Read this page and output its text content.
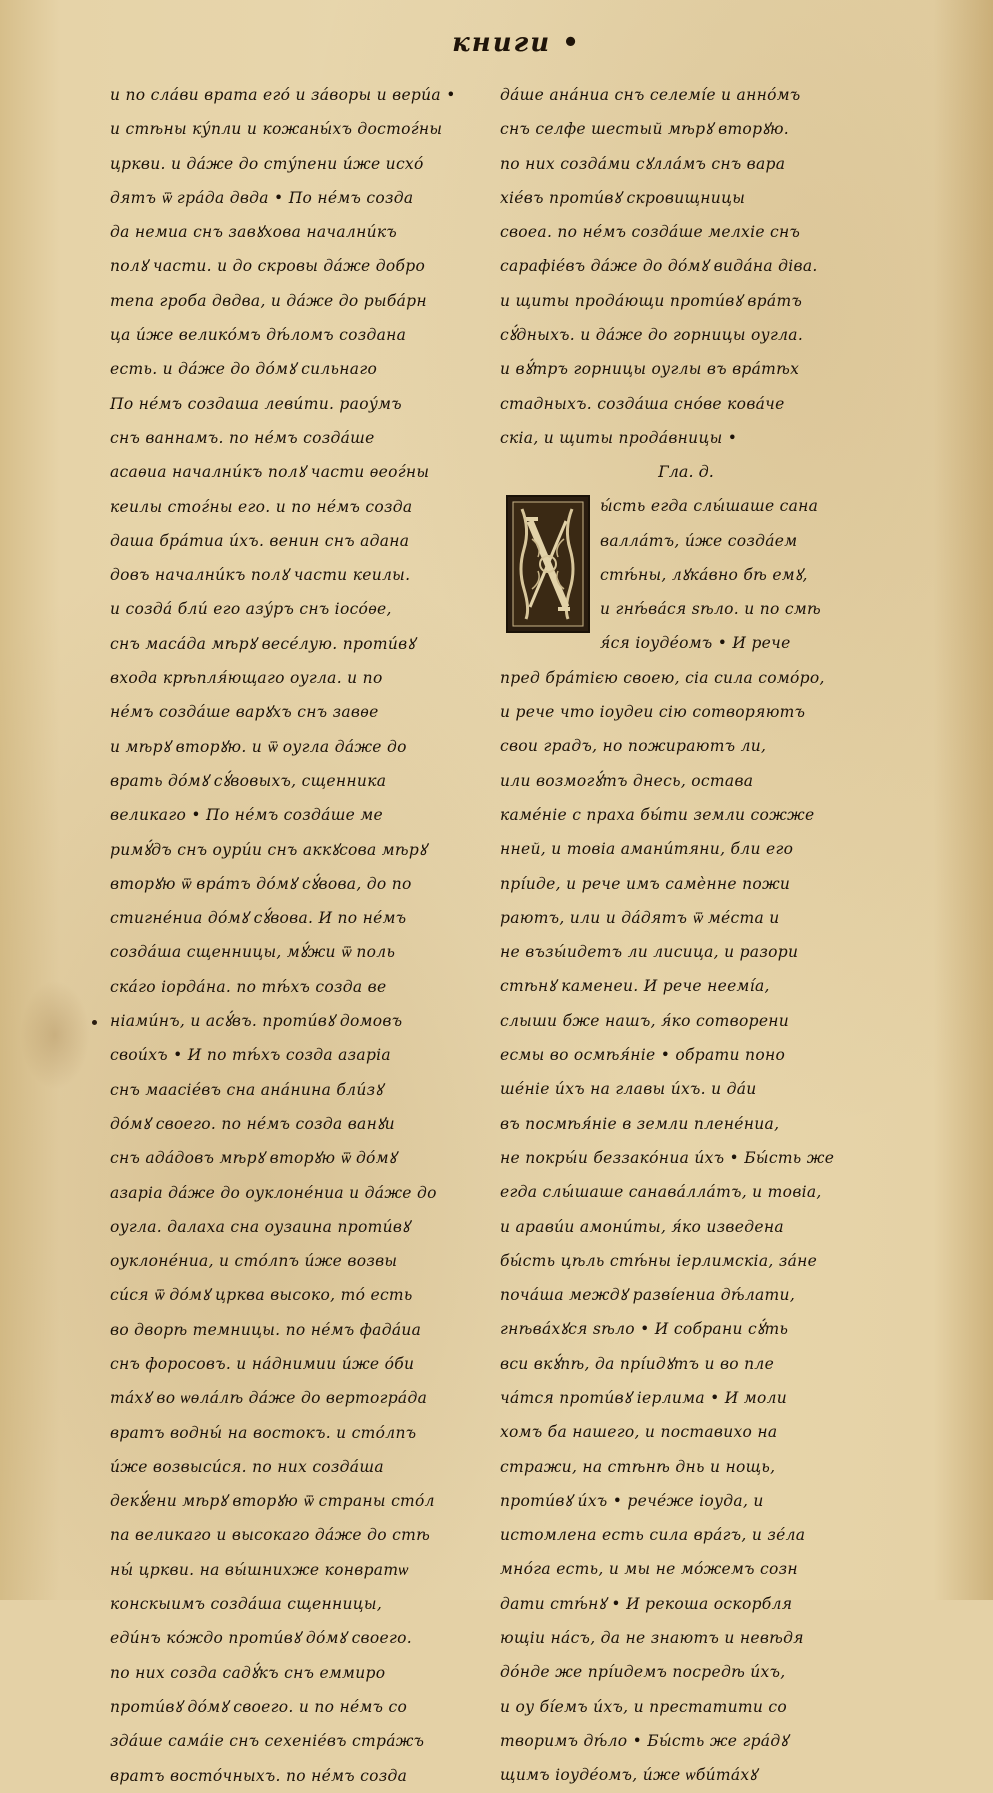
книги •
и по сла́ви врата его́ и за́воры и вери́а •
и стѣны ку́пли и кожаны́хъ достоѓны
цркви. и да́же до сту́пени и́же исхо́
дятъ ѿ гра́да двда • По не́мъ созда
да немиа снъ завꙋхова начални́къ
полꙋ части. и до скровы да́же добро
тепа гроба двдва, и да́же до рыба́рн
ца и́же велико́мъ дѣ́ломъ создана
есть. и да́же до до́мꙋ сильнаго
По не́мъ создаша леви́ти. раоу́мъ
снъ ваннамъ. по не́мъ созда́ше
асаѳиа начални́къ полꙋ части ѳеоѓны
кеилы стоѓны его. и по не́мъ созда
даша бра́тиа и́хъ. венин снъ адана
довъ начални́къ полꙋ части кеилы.
и созда́ бли́ его азу́ръ снъ іосо́ѳе,
снъ маса́да мѣрꙋ весе́лую. проти́вꙋ
входа крѣпля́ющаго оугла. и по
не́мъ созда́ше варꙋхъ снъ завѳе
и мѣрꙋ вторꙋю. и ѿ оугла да́же до
врать до́мꙋ сꙋ́вовыхъ, сщенника
великаго • По не́мъ созда́ше ме
римꙋ́дъ снъ оури́и снъ аккꙋсова мѣрꙋ
вторꙋю ѿ вра́тъ до́мꙋ сꙋ́вова, до по
стигне́ниа до́мꙋ сꙋ́вова. И по не́мъ
созда́ша сщенницы, мꙋ́жи ѿ поль
ска́го іорда́на. по тѣ́хъ созда ве
ніами́нъ, и асꙋ́въ. проти́вꙋ домовъ
свои́хъ • И по тѣ́хъ созда азаріа
снъ маасіе́въ сна ана́нина бли́зꙋ
до́мꙋ своего. по не́мъ созда ванꙋи
снъ ада́довъ мѣрꙋ вторꙋю ѿ до́мꙋ
азаріа да́же до оуклоне́ниа и да́же до
оугла. далаха сна оузаина проти́вꙋ
оуклоне́ниа, и сто́лпъ и́же возвы
си́ся ѿ до́мꙋ црква высоко, то́ есть
во дворѣ темницы. по не́мъ фада́иа
снъ форосовъ. и на́днимии и́же о́би
та́хꙋ во ѡѳла́лѣ да́же до вертогра́да
вратъ водны́ на востокъ. и сто́лпъ
и́же возвыси́ся. по них созда́ша
декꙋ́ени мѣрꙋ вторꙋю ѿ страны сто́л
па великаго и высокаго да́же до стѣ
ны́ цркви. на вы́шнихже конвратѡ
конскыимъ созда́ша сщенницы,
еди́нъ ко́ждо проти́вꙋ до́мꙋ своего.
по них созда садꙋ́къ снъ еммиро
проти́вꙋ до́мꙋ своего. и по не́мъ со
зда́ше сама́іе снъ сехеніе́въ стра́жъ
вратъ восто́чныхъ. по не́мъ созда
да́ше ана́ниа снъ селемі́е и анно́мъ
снъ селфе шестый мѣрꙋ вторꙋю.
по них созда́ми сꙋлла́мъ снъ вара
хіе́въ проти́вꙋ скровищницы
своеа. по не́мъ созда́ше мелхіе снъ
сарафіе́въ да́же до до́мꙋ вида́на діва.
и щиты прода́ющи проти́вꙋ вра́тъ
сꙋ́дныхъ. и да́же до горницы оугла.
и вꙋ́тръ горницы оуглы въ вра́тѣх
стадныхъ. созда́ша сно́ве кова́че
скіа, и щиты прода́вницы •
Гла. д.
ы́сть егда слы́шаше сана
валла́тъ, и́же созда́ем
стѣ́ны, лꙋка́вно бѣ емꙋ,
и гнѣ́ва́ся ѕѣло. и по смѣ
я́ся іоуде́омъ • И рече
пред бра́тією своею, сіа сила сомо́ро,
и рече что іоудеи сію сотворяютъ
свои градъ, но пожираютъ ли,
или возмогꙋ́тъ днесь, остава
каме́ніе с праха бы́ти земли сожже
нней, и товіа амани́тяни, бли его
прі́иде, и рече имъ самѐнне пожи
раютъ, или и да́дятъ ѿ ме́ста и
не възы́идетъ ли лисица, и разори
стѣнꙋ каменеи. И рече неемі́а,
слыши бже нашъ, я́ко сотворени
есмы во осмѣя́ніе • обрати поно
ше́ніе и́хъ на главы и́хъ. и да́и
въ посмѣя́ніе в земли плене́ниа,
не покры́и беззако́ниа и́хъ • Бы́сть же
егда слы́шаше санава́лла́тъ, и товіа,
и арави́и амони́ты, я́ко изведена
бы́сть цѣль стѣ́ны іерлимскіа, за́не
поча́ша междꙋ разві́ениа дѣ́лати,
гнѣва́хꙋся ѕѣло • И собрани сꙋ́ть
вси вкꙋ́пѣ, да прі́идꙋтъ и во пле
ча́тся проти́вꙋ іерлима • И моли
хомъ ба нашего, и поставихо на
стражи, на стѣнѣ днь и нощь,
проти́вꙋ и́хъ • рече́же іоуда, и
истомлена есть сила вра́гъ, и зе́ла
мно́га есть, и мы не мо́жемъ созн
дати стѣ́нꙋ • И рекоша оскорбля
ющіи на́съ, да не знаютъ и невѣдя
до́нде же прі́идемъ посредѣ и́хъ,
и оу бі́емъ и́хъ, и престатити со
творимъ дѣ́ло • Бы́сть же гра́дꙋ
щимъ іоуде́омъ, и́же ѡби́та́хꙋ
